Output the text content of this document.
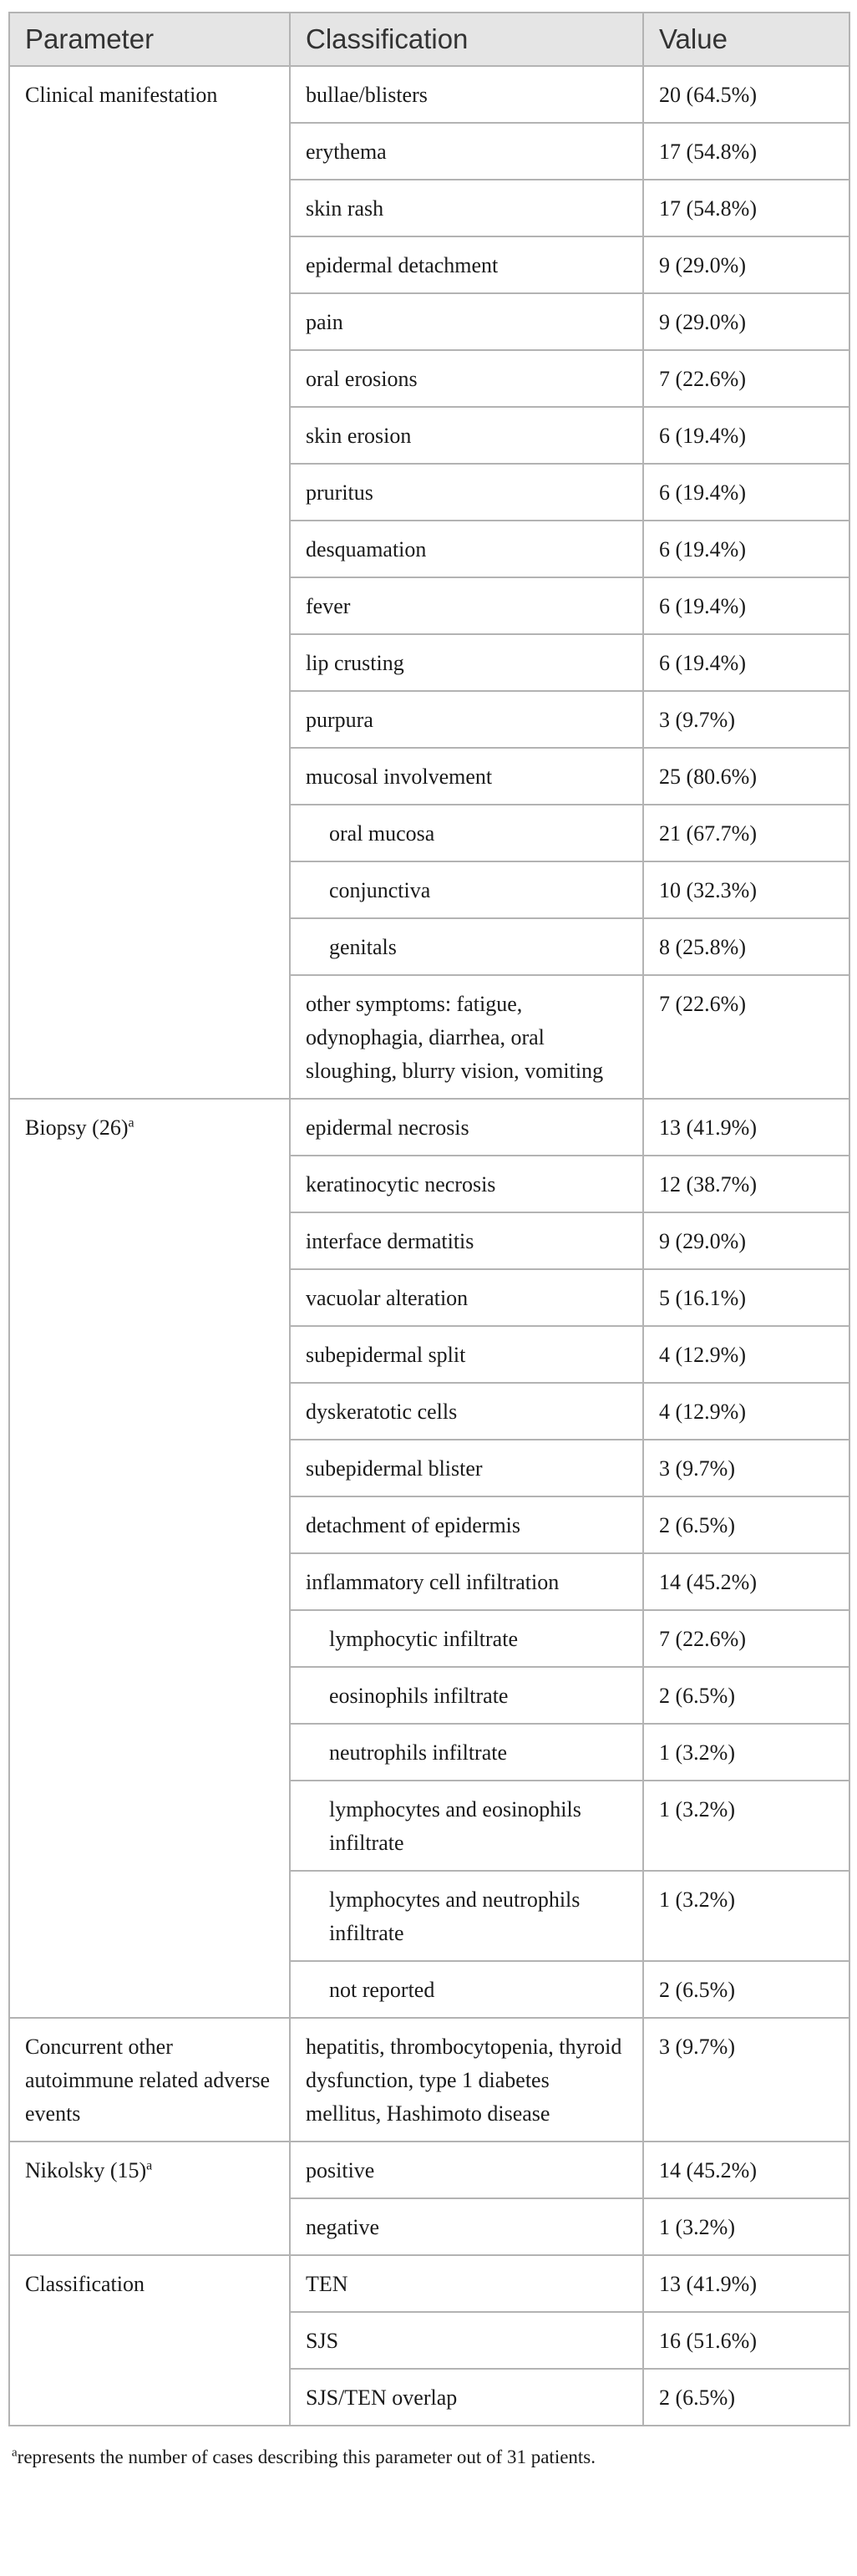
Parameter	Classification	Value
Clinical manifestation	bullae/blisters	20 (64.5%)
	erythema	17 (54.8%)
	skin rash	17 (54.8%)
	epidermal detachment	9 (29.0%)
	pain	9 (29.0%)
	oral erosions	7 (22.6%)
	skin erosion	6 (19.4%)
	pruritus	6 (19.4%)
	desquamation	6 (19.4%)
	fever	6 (19.4%)
	lip crusting	6 (19.4%)
	purpura	3 (9.7%)
	mucosal involvement	25 (80.6%)
	oral mucosa	21 (67.7%)
	conjunctiva	10 (32.3%)
	genitals	8 (25.8%)
	other symptoms: fatigue, odynophagia, diarrhea, oral sloughing, blurry vision, vomiting	7 (22.6%)
Biopsy $(26)^a$	epidermal necrosis	13 (41.9%)
	keratinocytic necrosis	12 (38.7%)
	interface dermatitis	9 (29.0%)
	vacuolar alteration	5 (16.1%)
	subepidermal split	4 (12.9%)
	dyskeratotic cells	4 (12.9%)
	subepidermal blister	3 (9.7%)
	detachment of epidermis	2 (6.5%)
	inflammatory cell infiltration	14 (45.2%)
	lymphocytic infiltrate	7 (22.6%)
	eosinophils infiltrate	2 (6.5%)
	neutrophils infiltrate	1 (3.2%)
	lymphocytes and eosinophils infiltrate	1 (3.2%)
	lymphocytes and neutrophils infiltrate	1 (3.2%)
	not reported	2 (6.5%)
Concurrent other autoimmune related adverse events	hepatitis, thrombocytopenia, thyroid dysfunction, type 1 diabetes mellitus, Hashimoto disease	3 (9.7%)
Nikolsky $(15)^a$	positive	14 (45.2%)
	negative	1 (3.2%)
Classification	TEN	13 (41.9%)
	SJS	16 (51.6%)
	SJS/TEN overlap	2 (6.5%)
$^a$represents the number of cases describing this parameter out of 31 patients.
